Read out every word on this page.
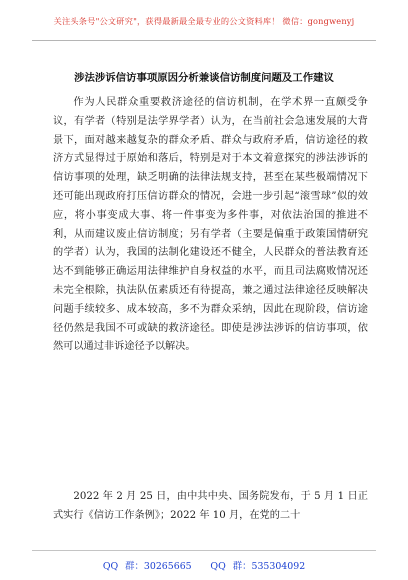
关注头条号"公文研究"，获得最新最全最专业的公文资料库！ 微信：gongwenyj
涉法涉诉信访事项原因分析兼谈信访制度问题及工作建议

作为人民群众重要救济途径的信访机制，在学术界一直颇受争议，有学者（特别是法学界学者）认为，在当前社会急速发展的大背景下，面对越来越复杂的群众矛盾、群众与政府矛盾，信访途径的救济方式显得过于原始和落后，特别是对于本文着意探究的涉法涉诉的信访事项的处理，缺乏明确的法律法规支持，甚至在某些极端情况下还可能出现政府打压信访群众的情况，会进一步引起“滚雪球”似的效应，将小事变成大事、将一件事变为多件事，对依法治国的推进不利，从而建议废止信访制度；另有学者（主要是偏重于政策国情研究的学者）认为，我国的法制化建设还不健全，人民群众的普法教育还达不到能够正确运用法律维护自身权益的水平，而且司法腐败情况还未完全根除，执法队伍素质还有待提高，兼之通过法律途径反映解决问题手续较多、成本较高，多不为群众采纳，因此在现阶段，信访途径仍然是我国不可或缺的救济途径。即使是涉法涉诉的信访事项，依然可以通过非诉途径予以解决。

2022 年 2 月 25 日，由中共中央、国务院发布，于 5 月 1 日正式实行《信访工作条例》；2022 年 10 月，在党的二十

QQ 群：30265665　　QQ 群：535304092
